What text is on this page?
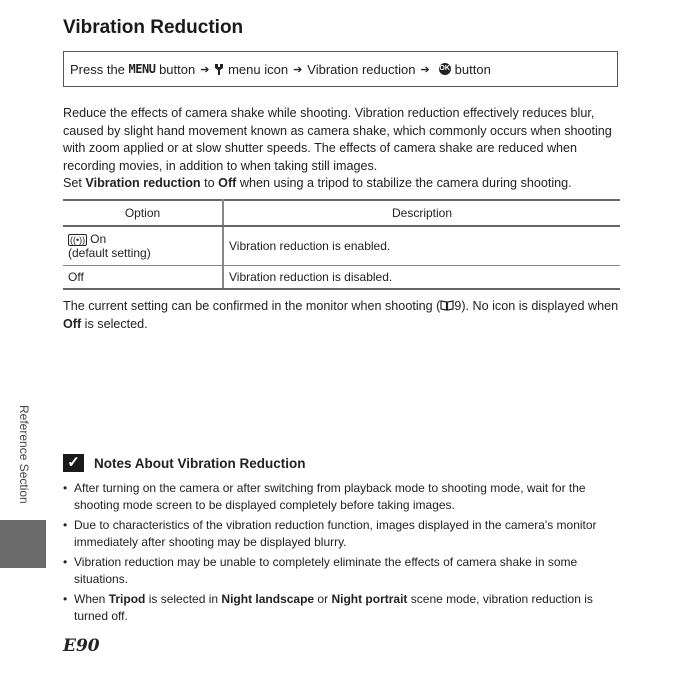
Vibration Reduction
Press the
MENU
button ➔
menu icon ➔ Vibration reduction ➔ OK button

Reduce the effects of camera shake while shooting. Vibration reduction effectively reduces blur, caused by slight hand movement known as camera shake, which commonly occurs when shooting with zoom applied or at slow shutter speeds. The effects of camera shake are reduced when recording movies, in addition to when taking still images.

Set Vibration reduction to Off when using a tripod to stabilize the camera during shooting.

Option	Description
((•)) On
(default setting)	Vibration reduction is enabled.
Off	Vibration reduction is disabled.
The current setting can be confirmed in the monitor when shooting ( 9). No icon is displayed when Off is selected.
Reference Section ✓	Notes About Vibration Reduction
• After turning on the camera or after switching from playback mode to shooting mode, wait for the shooting mode screen to be displayed completely before taking images.
• Due to characteristics of the vibration reduction function, images displayed in the camera's monitor immediately after shooting may be displayed blurry.
• Vibration reduction may be unable to completely eliminate the effects of camera shake in some situations.
• When Tripod is selected in Night landscape or Night portrait scene mode, vibration reduction is turned off.
E90
